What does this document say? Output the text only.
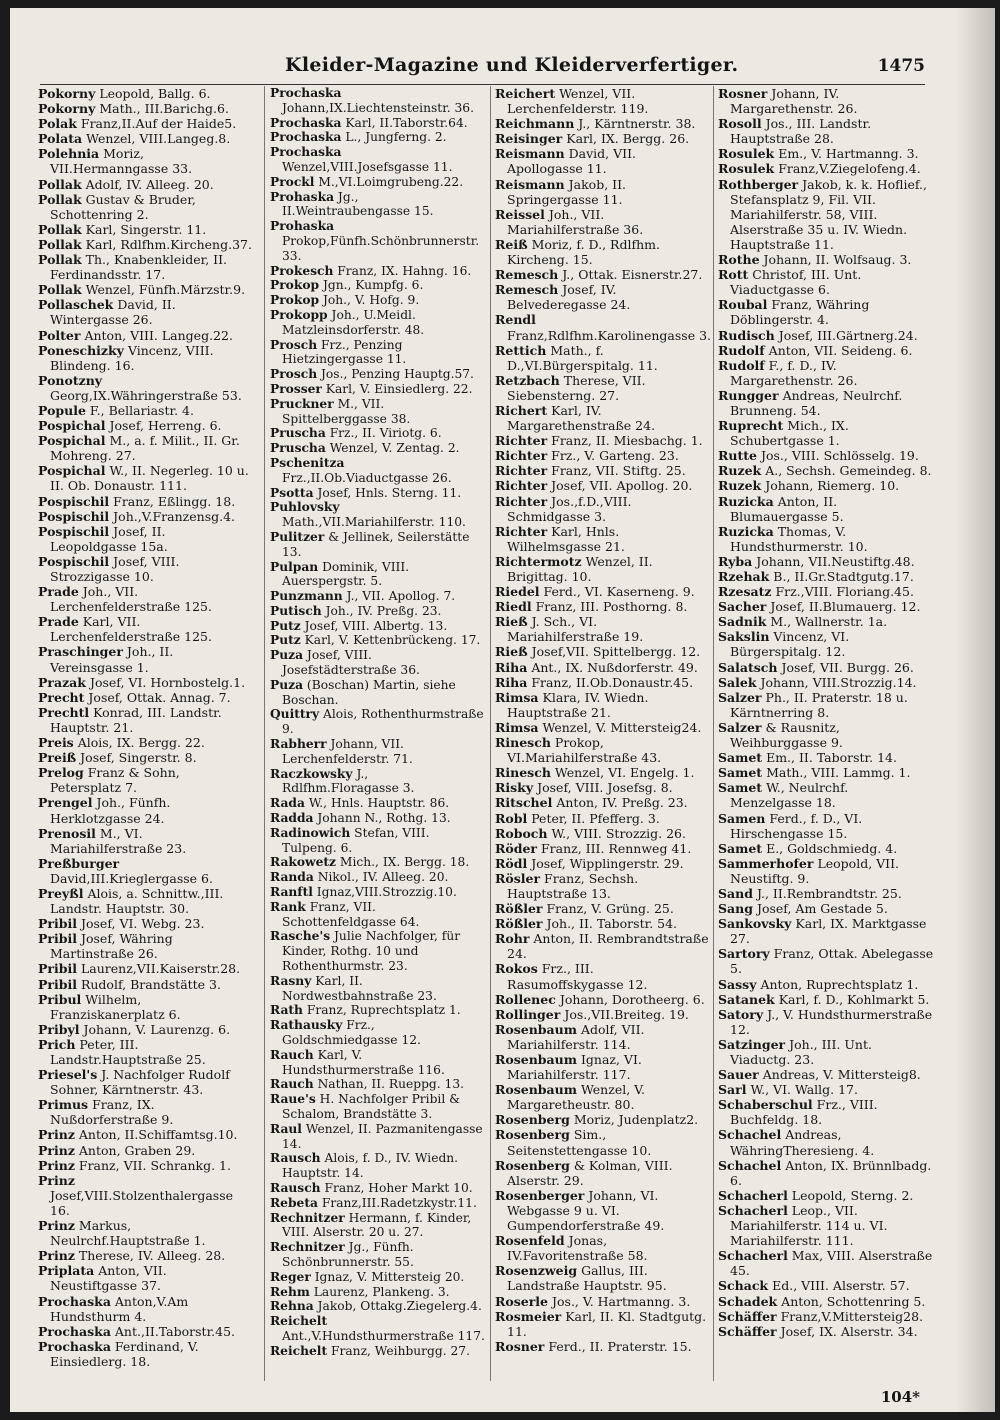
Kleider-Magazine und Kleiderverfertiger.	1475

Pokorny Leopold, Ballg. 6.

Pokorny Math., III.Barichg.6.

Polak Franz,II.Auf der Haide5.

Polata Wenzel, VIII.Langeg.8.

Polehnia Moriz, VII.Hermanngasse 33.

Pollak Adolf, IV. Alleeg. 20.

Pollak Gustav & Bruder, Schottenring 2.

Pollak Karl, Singerstr. 11.

Pollak Karl, Rdlfhm.Kircheng.37.

Pollak Th., Knabenkleider, II. Ferdinandsstr. 17.

Pollak Wenzel, Fünfh.Märzstr.9.

Pollaschek David, II. Wintergasse 26.

Polter Anton, VIII. Langeg.22.

Poneschizky Vincenz, VIII. Blindeng. 16.

Ponotzny Georg,IX.Währingerstraße 53.

Popule F., Bellariastr. 4.

Pospichal Josef, Herreng. 6.

Pospichal M., a. f. Milit., II. Gr. Mohreng. 27.

Pospichal W., II. Negerleg. 10 u. II. Ob. Donaustr. 111.

Pospischil Franz, Eßlingg. 18.

Pospischil Joh.,V.Franzensg.4.

Pospischil Josef, II. Leopoldgasse 15a.

Pospischil Josef, VIII. Strozzigasse 10.

Prade Joh., VII. Lerchenfelderstraße 125.

Prade Karl, VII. Lerchenfelderstraße 125.

Praschinger Joh., II. Vereinsgasse 1.

Prazak Josef, VI. Hornbostelg.1.

Precht Josef, Ottak. Annag. 7.

Prechtl Konrad, III. Landstr. Hauptstr. 21.

Preis Alois, IX. Bergg. 22.

Preiß Josef, Singerstr. 8.

Prelog Franz & Sohn, Petersplatz 7.

Prengel Joh., Fünfh. Herklotzgasse 24.

Prenosil M., VI. Mariahilferstraße 23.

Preßburger David,III.Krieglergasse 6.

Preyßl Alois, a. Schnittw.,III. Landstr. Hauptstr. 30.

Pribil Josef, VI. Webg. 23.

Pribil Josef, Währing Martinstraße 26.

Pribil Laurenz,VII.Kaiserstr.28.

Pribil Rudolf, Brandstätte 3.

Pribul Wilhelm, Franziskanerplatz 6.

Pribyl Johann, V. Laurenzg. 6.

Prich Peter, III. Landstr.Hauptstraße 25.

Priesel's J. Nachfolger Rudolf Sohner, Kärntnerstr. 43.

Primus Franz, IX. Nußdorferstraße 9.

Prinz Anton, II.Schiffamtsg.10.

Prinz Anton, Graben 29.

Prinz Franz, VII. Schrankg. 1.

Prinz Josef,VIII.Stolzenthalergasse 16.

Prinz Markus, Neulrchf.Hauptstraße 1.

Prinz Therese, IV. Alleeg. 28.

Priplata Anton, VII. Neustiftgasse 37.

Prochaska Anton,V.Am Hundsthurm 4.

Prochaska Ant.,II.Taborstr.45.

Prochaska Ferdinand, V. Einsiedlerg. 18.

Prochaska Johann,IX.Liechtensteinstr. 36.

Prochaska Karl, II.Taborstr.64.

Prochaska L., Jungferng. 2.

Prochaska Wenzel,VIII.Josefsgasse 11.

Prockl M.,VI.Loimgrubeng.22.

Prohaska Jg., II.Weintraubengasse 15.

Prohaska Prokop,Fünfh.Schönbrunnerstr. 33.

Prokesch Franz, IX. Hahng. 16.

Prokop Jgn., Kumpfg. 6.

Prokop Joh., V. Hofg. 9.

Prokopp Joh., U.Meidl. Matzleinsdorferstr. 48.

Prosch Frz., Penzing Hietzingergasse 11.

Prosch Jos., Penzing Hauptg.57.

Prosser Karl, V. Einsiedlerg. 22.

Pruckner M., VII. Spittelberggasse 38.

Pruscha Frz., II. Viriotg. 6.

Pruscha Wenzel, V. Zentag. 2.

Pschenitza Frz.,II.Ob.Viaductgasse 26.

Psotta Josef, Hnls. Sterng. 11.

Puhlovsky Math.,VII.Mariahilferstr. 110.

Pulitzer & Jellinek, Seilerstätte 13.

Pulpan Dominik, VIII. Auerspergstr. 5.

Punzmann J., VII. Apollog. 7.

Putisch Joh., IV. Preßg. 23.

Putz Josef, VIII. Albertg. 13.

Putz Karl, V. Kettenbrückeng. 17.

Puza Josef, VIII. Josefstädterstraße 36.

Puza (Boschan) Martin, siehe Boschan.

Quittry Alois, Rothenthurmstraße 9.

Rabherr Johann, VII. Lerchenfelderstr. 71.

Raczkowsky J., Rdlfhm.Floragasse 3.

Rada W., Hnls. Hauptstr. 86.

Radda Johann N., Rothg. 13.

Radinowich Stefan, VIII. Tulpeng. 6.

Rakowetz Mich., IX. Bergg. 18.

Randa Nikol., IV. Alleeg. 20.

Ranftl Ignaz,VIII.Strozzig.10.

Rank Franz, VII. Schottenfeldgasse 64.

Rasche's Julie Nachfolger, für Kinder, Rothg. 10 und Rothenthurmstr. 23.

Rasny Karl, II. Nordwestbahnstraße 23.

Rath Franz, Ruprechtsplatz 1.

Rathausky Frz., Goldschmiedgasse 12.

Rauch Karl, V. Hundsthurmerstraße 116.

Rauch Nathan, II. Rueppg. 13.

Raue's H. Nachfolger Pribil & Schalom, Brandstätte 3.

Raul Wenzel, II. Pazmanitengasse 14.

Rausch Alois, f. D., IV. Wiedn. Hauptstr. 14.

Rausch Franz, Hoher Markt 10.

Rebeta Franz,III.Radetzkystr.11.

Rechnitzer Hermann, f. Kinder, VIII. Alserstr. 20 u. 27.

Rechnitzer Jg., Fünfh. Schönbrunnerstr. 55.

Reger Ignaz, V. Mittersteig 20.

Rehm Laurenz, Plankeng. 3.

Rehna Jakob, Ottakg.Ziegelerg.4.

Reichelt Ant.,V.Hundsthurmerstraße 117.

Reichelt Franz, Weihburgg. 27.

Reichert Wenzel, VII. Lerchenfelderstr. 119.

Reichmann J., Kärntnerstr. 38.

Reisinger Karl, IX. Bergg. 26.

Reismann David, VII. Apollogasse 11.

Reismann Jakob, II. Springergasse 11.

Reissel Joh., VII. Mariahilferstraße 36.

Reiß Moriz, f. D., Rdlfhm. Kircheng. 15.

Remesch J., Ottak. Eisnerstr.27.

Remesch Josef, IV. Belvederegasse 24.

Rendl Franz,Rdlfhm.Karolinengasse 3.

Rettich Math., f. D.,VI.Bürgerspitalg. 11.

Retzbach Therese, VII. Siebensterng. 27.

Richert Karl, IV. Margarethenstraße 24.

Richter Franz, II. Miesbachg. 1.

Richter Frz., V. Garteng. 23.

Richter Franz, VII. Stiftg. 25.

Richter Josef, VII. Apollog. 20.

Richter Jos.,f.D.,VIII. Schmidgasse 3.

Richter Karl, Hnls. Wilhelmsgasse 21.

Richtermotz Wenzel, II. Brigittag. 10.

Riedel Ferd., VI. Kaserneng. 9.

Riedl Franz, III. Posthorng. 8.

Rieß J. Sch., VI. Mariahilferstraße 19.

Rieß Josef,VII. Spittelbergg. 12.

Riha Ant., IX. Nußdorferstr. 49.

Riha Franz, II.Ob.Donaustr.45.

Rimsa Klara, IV. Wiedn. Hauptstraße 21.

Rimsa Wenzel, V. Mittersteig24.

Rinesch Prokop, VI.Mariahilferstraße 43.

Rinesch Wenzel, VI. Engelg. 1.

Risky Josef, VIII. Josefsg. 8.

Ritschel Anton, IV. Preßg. 23.

Robl Peter, II. Pfefferg. 3.

Roboch W., VIII. Strozzig. 26.

Röder Franz, III. Rennweg 41.

Rödl Josef, Wipplingerstr. 29.

Rösler Franz, Sechsh. Hauptstraße 13.

Rößler Franz, V. Grüng. 25.

Rößler Joh., II. Taborstr. 54.

Rohr Anton, II. Rembrandtstraße 24.

Rokos Frz., III. Rasumoffskygasse 12.

Rollenec Johann, Dorotheerg. 6.

Rollinger Jos.,VII.Breiteg. 19.

Rosenbaum Adolf, VII. Mariahilferstr. 114.

Rosenbaum Ignaz, VI. Mariahilferstr. 117.

Rosenbaum Wenzel, V. Margaretheustr. 80.

Rosenberg Moriz, Judenplatz2.

Rosenberg Sim., Seitenstettengasse 10.

Rosenberg & Kolman, VIII. Alserstr. 29.

Rosenberger Johann, VI. Webgasse 9 u. VI. Gumpendorferstraße 49.

Rosenfeld Jonas, IV.Favoritenstraße 58.

Rosenzweig Gallus, III. Landstraße Hauptstr. 95.

Roserle Jos., V. Hartmanng. 3.

Rosmeier Karl, II. Kl. Stadtgutg. 11.

Rosner Ferd., II. Praterstr. 15.

Rosner Johann, IV. Margarethenstr. 26.

Rosoll Jos., III. Landstr. Hauptstraße 28.

Rosulek Em., V. Hartmanng. 3.

Rosulek Franz,V.Ziegelofeng.4.

Rothberger Jakob, k. k. Hoflief., Stefansplatz 9, Fil. VII. Mariahilferstr. 58, VIII. Alserstraße 35 u. IV. Wiedn. Hauptstraße 11.

Rothe Johann, II. Wolfsaug. 3.

Rott Christof, III. Unt. Viaductgasse 6.

Roubal Franz, Währing Döblingerstr. 4.

Rudisch Josef, III.Gärtnerg.24.

Rudolf Anton, VII. Seideng. 6.

Rudolf F., f. D., IV. Margarethenstr. 26.

Rungger Andreas, Neulrchf. Brunneng. 54.

Ruprecht Mich., IX. Schubertgasse 1.

Rutte Jos., VIII. Schlösselg. 19.

Ruzek A., Sechsh. Gemeindeg. 8.

Ruzek Johann, Riemerg. 10.

Ruzicka Anton, II. Blumauergasse 5.

Ruzicka Thomas, V. Hundsthurmerstr. 10.

Ryba Johann, VII.Neustiftg.48.

Rzehak B., II.Gr.Stadtgutg.17.

Rzesatz Frz.,VIII. Floriang.45.

Sacher Josef, II.Blumauerg. 12.

Sadnik M., Wallnerstr. 1a.

Sakslin Vincenz, VI. Bürgerspitalg. 12.

Salatsch Josef, VII. Burgg. 26.

Salek Johann, VIII.Strozzig.14.

Salzer Ph., II. Praterstr. 18 u. Kärntnerring 8.

Salzer & Rausnitz, Weihburggasse 9.

Samet Em., II. Taborstr. 14.

Samet Math., VIII. Lammg. 1.

Samet W., Neulrchf. Menzelgasse 18.

Samen Ferd., f. D., VI. Hirschengasse 15.

Samet E., Goldschmiedg. 4.

Sammerhofer Leopold, VII. Neustiftg. 9.

Sand J., II.Rembrandtstr. 25.

Sang Josef, Am Gestade 5.

Sankovsky Karl, IX. Marktgasse 27.

Sartory Franz, Ottak. Abelegasse 5.

Sassy Anton, Ruprechtsplatz 1.

Satanek Karl, f. D., Kohlmarkt 5.

Satory J., V. Hundsthurmerstraße 12.

Satzinger Joh., III. Unt. Viaductg. 23.

Sauer Andreas, V. Mittersteig8.

Sarl W., VI. Wallg. 17.

Schaberschul Frz., VIII. Buchfeldg. 18.

Schachel Andreas, WähringTheresieng. 4.

Schachel Anton, IX. Brünnlbadg. 6.

Schacherl Leopold, Sterng. 2.

Schacherl Leop., VII. Mariahilferstr. 114 u. VI. Mariahilferstr. 111.

Schacherl Max, VIII. Alserstraße 45.

Schack Ed., VIII. Alserstr. 57.

Schadek Anton, Schottenring 5.

Schäffer Franz,V.Mittersteig28.

Schäffer Josef, IX. Alserstr. 34.

104*
